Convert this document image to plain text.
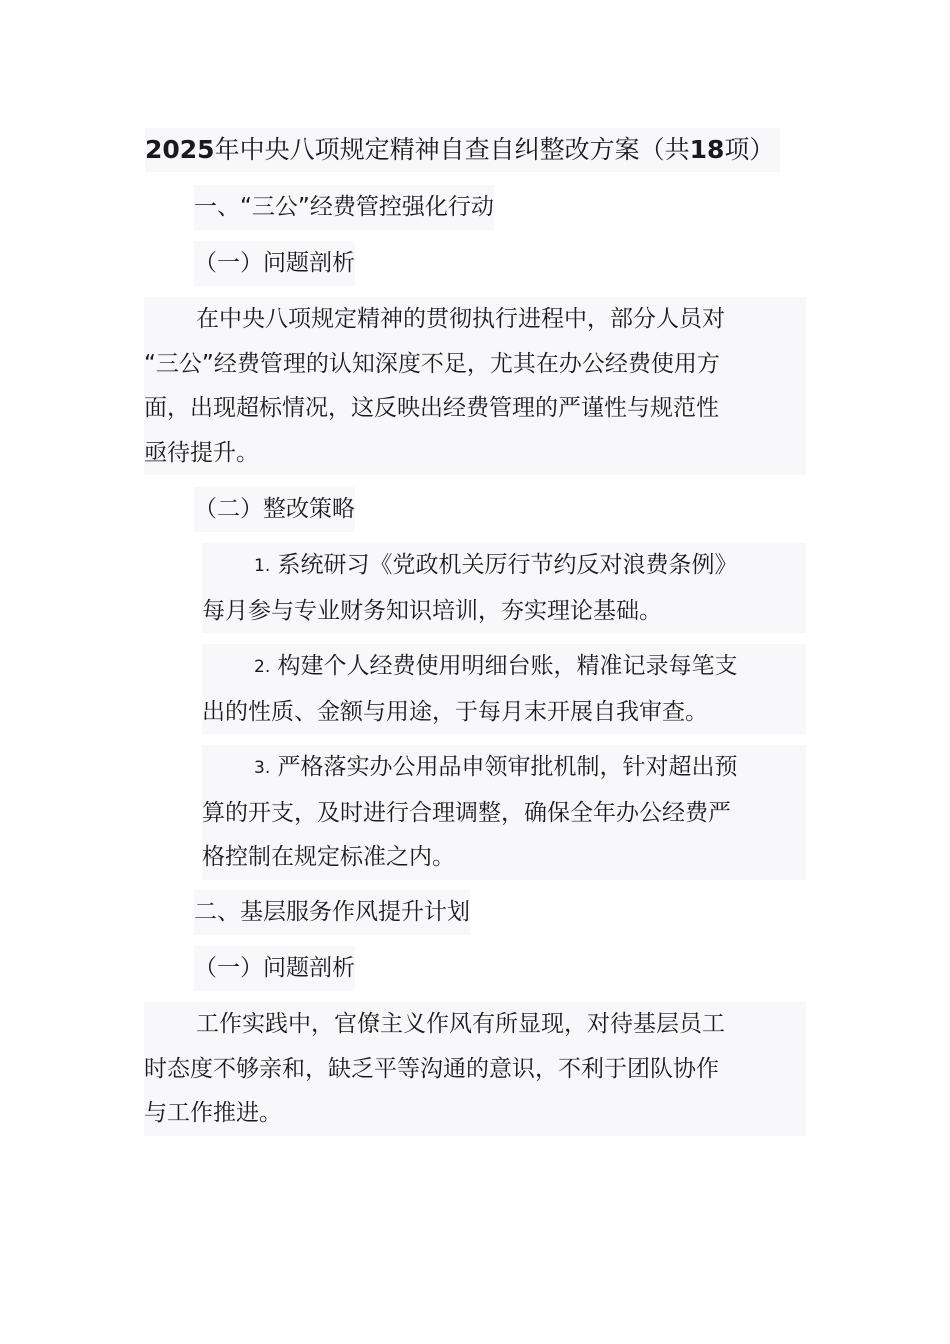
2025年中央八项规定精神自查自纠整改方案（共18项）
一、“三公”经费管控强化行动
（一）问题剖析

在中央八项规定精神的贯彻执行进程中，部分人员对

“三公”经费管理的认知深度不足，尤其在办公经费使用方

面，出现超标情况，这反映出经费管理的严谨性与规范性

亟待提升。

（二）整改策略

1. 系统研习《党政机关厉行节约反对浪费条例》

每月参与专业财务知识培训，夯实理论基础。

2. 构建个人经费使用明细台账，精准记录每笔支

出的性质、金额与用途，于每月末开展自我审查。

3. 严格落实办公用品申领审批机制，针对超出预

算的开支，及时进行合理调整，确保全年办公经费严

格控制在规定标准之内。

二、基层服务作风提升计划
（一）问题剖析

工作实践中，官僚主义作风有所显现，对待基层员工

时态度不够亲和，缺乏平等沟通的意识，不利于团队协作

与工作推进。
